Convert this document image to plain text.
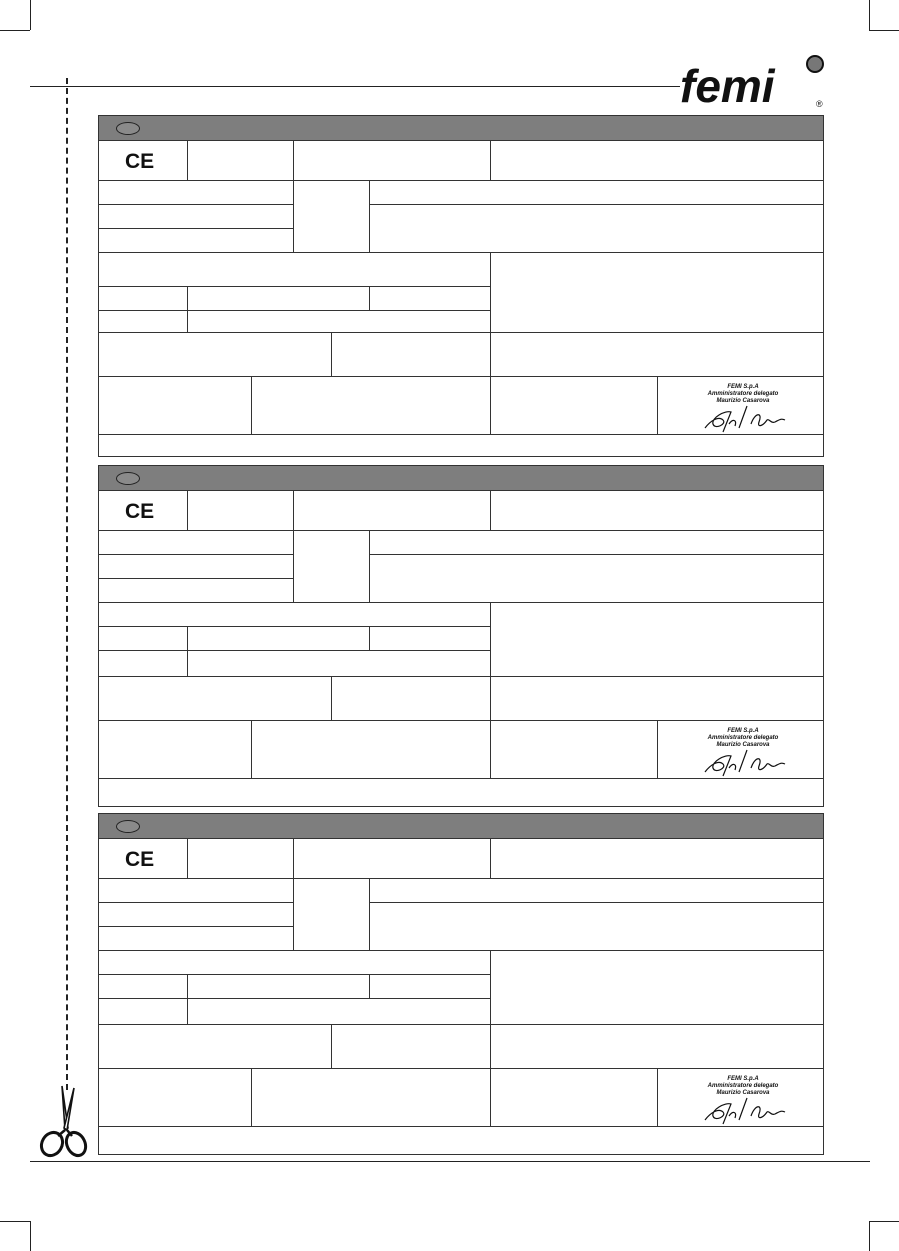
femi	®
CE
FEMI S.p.A
Amministratore delegato
Maurizio Casarova
CE
FEMI S.p.A
Amministratore delegato
Maurizio Casarova
CE
FEMI S.p.A
Amministratore delegato
Maurizio Casarova
